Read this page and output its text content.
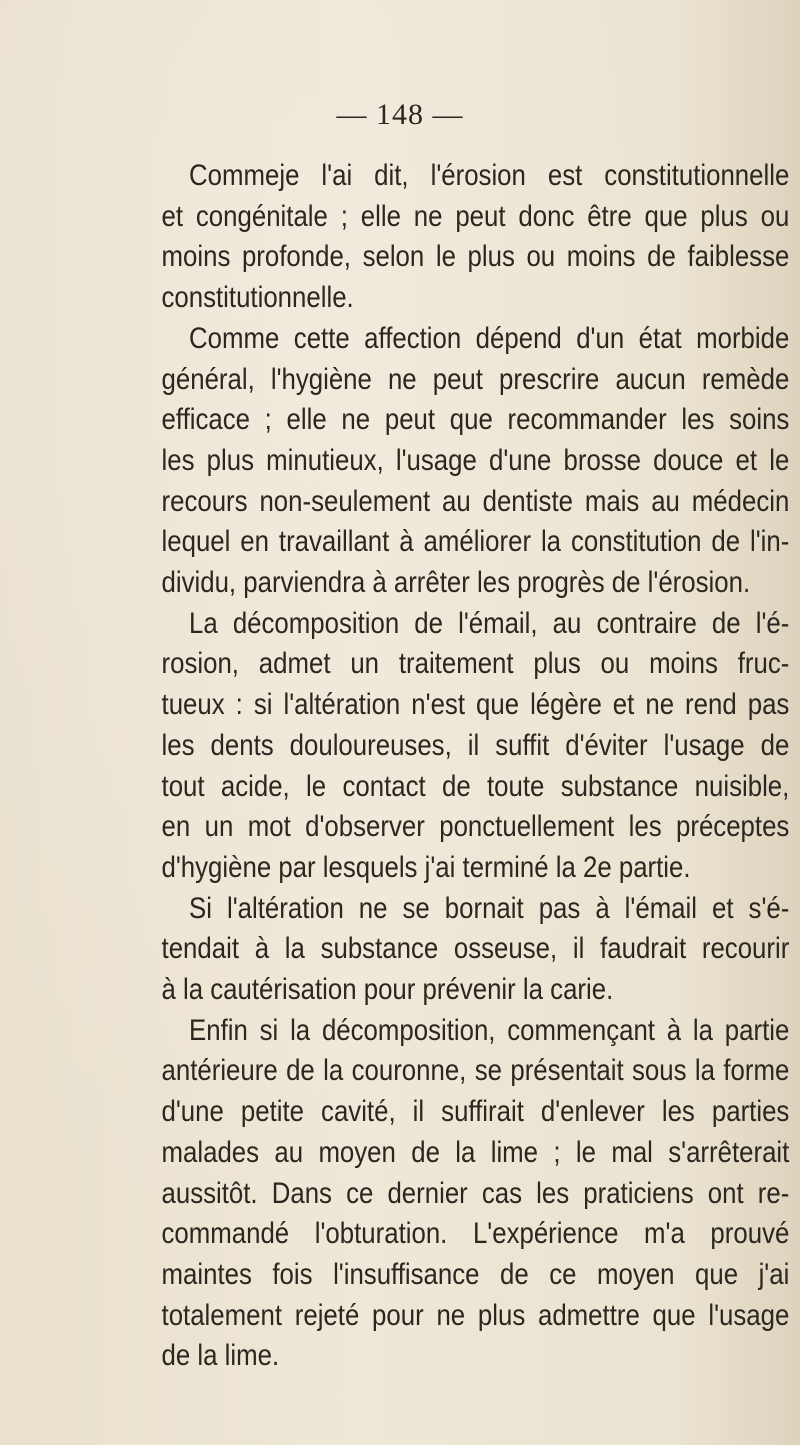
— 148 —
Commeje l'ai dit, l'érosion est constitutionnelle
et congénitale ; elle ne peut donc être que plus ou
moins profonde, selon le plus ou moins de faiblesse
constitutionnelle.
Comme cette affection dépend d'un état morbide
général, l'hygiène ne peut prescrire aucun remède
efficace ; elle ne peut que recommander les soins
les plus minutieux, l'usage d'une brosse douce et le
recours non-seulement au dentiste mais au médecin
lequel en travaillant à améliorer la constitution de l'in-
dividu, parviendra à arrêter les progrès de l'érosion.
La décomposition de l'émail, au contraire de l'é-
rosion, admet un traitement plus ou moins fruc-
tueux : si l'altération n'est que légère et ne rend pas
les dents douloureuses, il suffit d'éviter l'usage de
tout acide, le contact de toute substance nuisible,
en un mot d'observer ponctuellement les préceptes
d'hygiène par lesquels j'ai terminé la 2e partie.
Si l'altération ne se bornait pas à l'émail et s'é-
tendait à la substance osseuse, il faudrait recourir
à la cautérisation pour prévenir la carie.
Enfin si la décomposition, commençant à la partie
antérieure de la couronne, se présentait sous la forme
d'une petite cavité, il suffirait d'enlever les parties
malades au moyen de la lime ; le mal s'arrêterait
aussitôt. Dans ce dernier cas les praticiens ont re-
commandé l'obturation. L'expérience m'a prouvé
maintes fois l'insuffisance de ce moyen que j'ai
totalement rejeté pour ne plus admettre que l'usage
de la lime.
